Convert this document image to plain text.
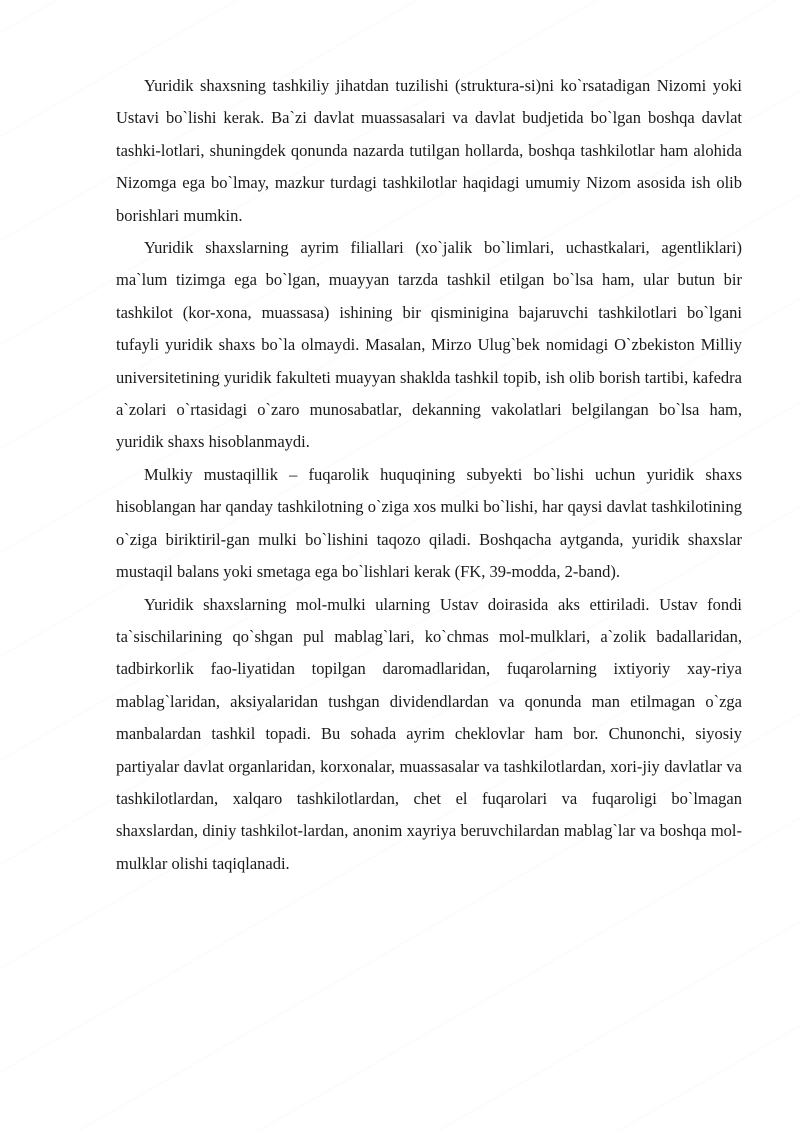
Yuridik shaxsning tashkiliy jihatdan tuzilishi (struktura-si)ni ko`rsatadigan Nizomi yoki Ustavi bo`lishi kerak. Ba`zi davlat muassasalari va davlat budjetida bo`lgan boshqa davlat tashki-lotlari, shuningdek qonunda nazarda tutilgan hollarda, boshqa tashkilotlar ham alohida Nizomga ega bo`lmay, mazkur turdagi tashkilotlar haqidagi umumiy Nizom asosida ish olib borishlari mumkin.

Yuridik shaxslarning ayrim filiallari (xo`jalik bo`limlari, uchastkalari, agentliklari) ma`lum tizimga ega bo`lgan, muayyan tarzda tashkil etilgan bo`lsa ham, ular butun bir tashkilot (kor-xona, muassasa) ishining bir qisminigina bajaruvchi tashkilotlari bo`lgani tufayli yuridik shaxs bo`la olmaydi. Masalan, Mirzo Ulug`bek nomidagi O`zbekiston Milliy universitetining yuridik fakulteti muayyan shaklda tashkil topib, ish olib borish tartibi, kafedra a`zolari o`rtasidagi o`zaro munosabatlar, dekanning vakolatlari belgilangan bo`lsa ham, yuridik shaxs hisoblanmaydi.

Mulkiy mustaqillik – fuqarolik huquqining subyekti bo`lishi uchun yuridik shaxs hisoblangan har qanday tashkilotning o`ziga xos mulki bo`lishi, har qaysi davlat tashkilotining o`ziga biriktiril-gan mulki bo`lishini taqozo qiladi. Boshqacha aytganda, yuridik shaxslar mustaqil balans yoki smetaga ega bo`lishlari kerak (FK, 39-modda, 2-band).

Yuridik shaxslarning mol-mulki ularning Ustav doirasida aks ettiriladi. Ustav fondi ta`sischilarining qo`shgan pul mablag`lari, ko`chmas mol-mulklari, a`zolik badallaridan, tadbirkorlik fao-liyatidan topilgan daromadlaridan, fuqarolarning ixtiyoriy xay-riya mablag`laridan, aksiyalaridan tushgan dividendlardan va qonunda man etilmagan o`zga manbalardan tashkil topadi. Bu sohada ayrim cheklovlar ham bor. Chunonchi, siyosiy partiyalar davlat organlaridan, korxonalar, muassasalar va tashkilotlardan, xori-jiy davlatlar va tashkilotlardan, xalqaro tashkilotlardan, chet el fuqarolari va fuqaroligi bo`lmagan shaxslardan, diniy tashkilot-lardan, anonim xayriya beruvchilardan mablag`lar va boshqa mol-mulklar olishi taqiqlanadi.
